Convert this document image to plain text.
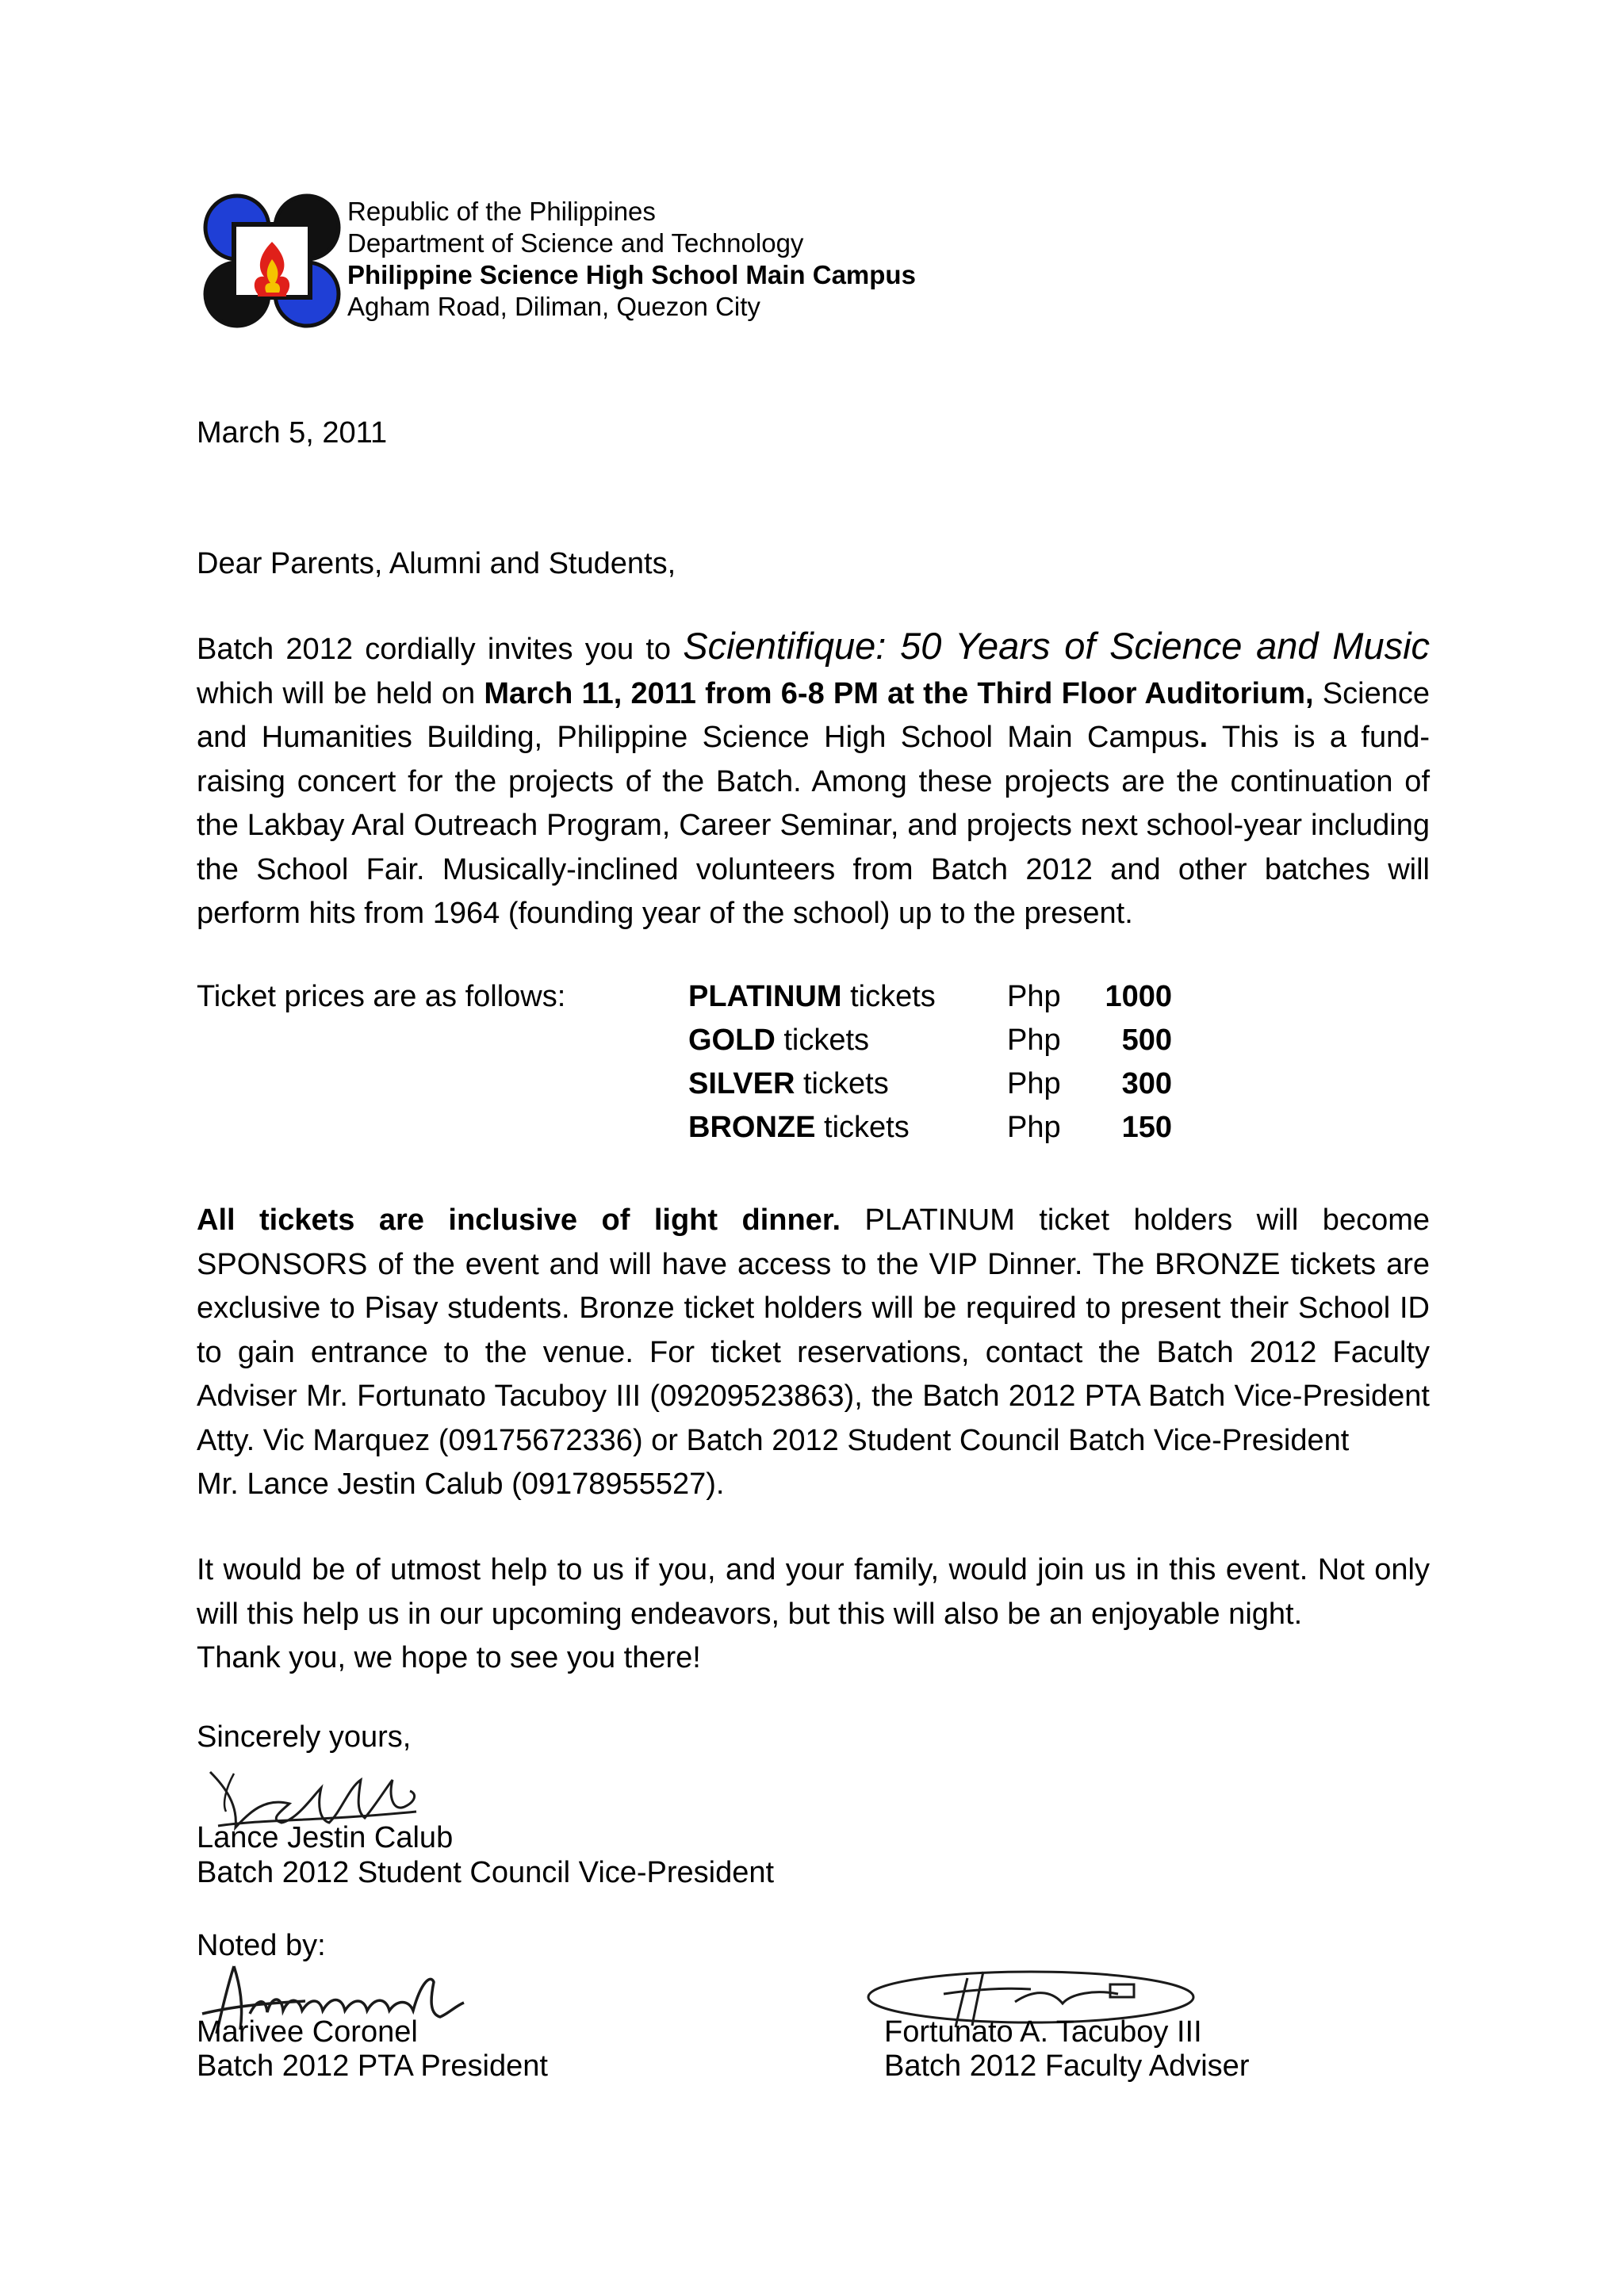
Republic of the Philippines
Department of Science and Technology
Philippine Science High School Main Campus
Agham Road, Diliman, Quezon City
March 5, 2011
Dear Parents, Alumni and Students,
Batch 2012 cordially invites you to Scientifique: 50 Years of Science and Music which will be held on March 11, 2011 from 6-8 PM at the Third Floor Auditorium, Science and Humanities Building, Philippine Science High School Main Campus. This is a fund-raising concert for the projects of the Batch. Among these projects are the continuation of the Lakbay Aral Outreach Program, Career Seminar, and projects next school-year including the School Fair. Musically-inclined volunteers from Batch 2012 and other batches will perform hits from 1964 (founding year of the school) up to the present.
Ticket prices are as follows:	PLATINUM tickets Php	1000
GOLD tickets	Php	500
SILVER tickets	Php	300
BRONZE tickets	Php	150
All tickets are inclusive of light dinner. PLATINUM ticket holders will become SPONSORS of the event and will have access to the VIP Dinner. The BRONZE tickets are exclusive to Pisay students. Bronze ticket holders will be required to present their School ID to gain entrance to the venue. For ticket reservations, contact the Batch 2012 Faculty Adviser Mr. Fortunato Tacuboy III (09209523863), the Batch 2012 PTA Batch Vice-President Atty. Vic Marquez (09175672336) or Batch 2012 Student Council Batch Vice-President
Mr. Lance Jestin Calub (09178955527).
It would be of utmost help to us if you, and your family, would join us in this event. Not only will this help us in our upcoming endeavors, but this will also be an enjoyable night.
Thank you, we hope to see you there!
Sincerely yours,
Lance Jestin Calub
Batch 2012 Student Council Vice-President
Noted by:
Marivee Coronel
Batch 2012 PTA President
Fortunato A. Tacuboy III
Batch 2012 Faculty Adviser
